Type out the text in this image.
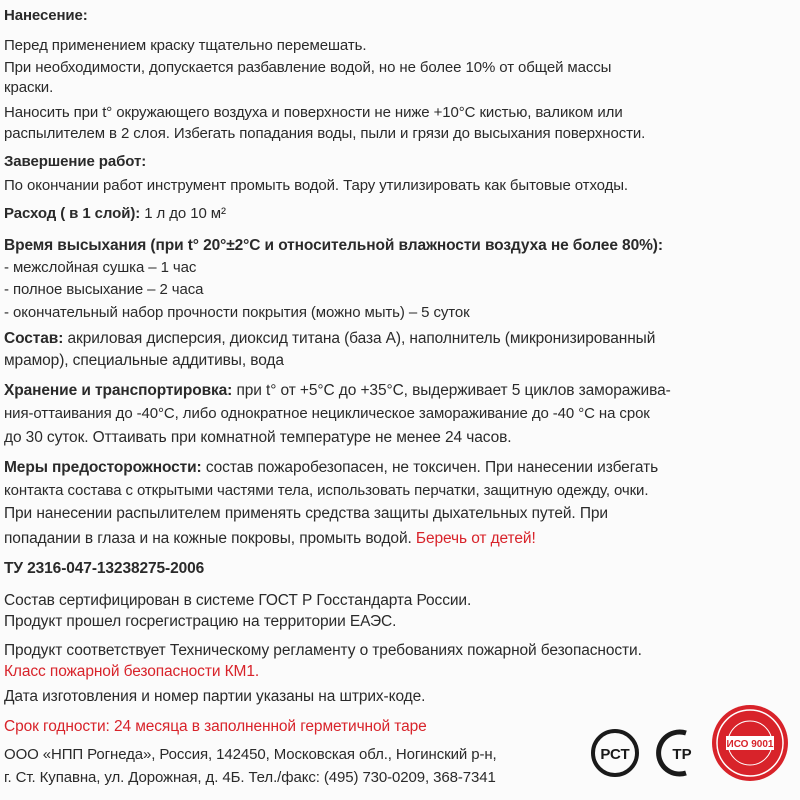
Нанесение:
Перед применением краску тщательно перемешать.
При необходимости, допускается разбавление водой, но не более 10% от общей массы
краски.
Наносить при t° окружающего воздуха и поверхности не ниже +10°С кистью, валиком или
распылителем в 2 слоя. Избегать попадания воды, пыли и грязи до высыхания поверхности.
Завершение работ:
По окончании работ инструмент промыть водой. Тару утилизировать как бытовые отходы.
Расход ( в 1 слой): 1 л до 10 м²
Время высыхания (при t° 20°±2°С и относительной влажности воздуха не более 80%):
- межслойная сушка – 1 час
- полное высыхание – 2 часа
- окончательный набор прочности покрытия (можно мыть) – 5 суток
Состав: акриловая дисперсия, диоксид титана (база А), наполнитель (микронизированный
мрамор), специальные аддитивы, вода
Хранение и транспортировка: при t° от +5°С до +35°С, выдерживает 5 циклов заморажива-
ния-оттаивания до -40°С, либо однократное нециклическое замораживание до -40 °С на срок
до 30 суток. Оттаивать при комнатной температуре не менее 24 часов.
Меры предосторожности: состав пожаробезопасен, не токсичен. При нанесении избегать
контакта состава с открытыми частями тела, использовать перчатки, защитную одежду, очки.
При нанесении распылителем применять средства защиты дыхательных путей. При
попадании в глаза и на кожные покровы, промыть водой. Беречь от детей!
ТУ 2316-047-13238275-2006
Состав сертифицирован в системе ГОСТ Р Госстандарта России.
Продукт прошел госрегистрацию на территории ЕАЭС.
Продукт соответствует Техническому регламенту о требованиях пожарной безопасности.
Класс пожарной безопасности КМ1.
Дата изготовления и номер партии указаны на штрих-коде.
Срок годности: 24 месяца в заполненной герметичной таре
ООО «НПП Рогнеда», Россия, 142450, Московская обл., Ногинский р-н,
г. Ст. Купавна, ул. Дорожная, д. 4Б. Тел./факс: (495) 730-0209, 368-7341
РСТ	ТР
ИСО 9001
